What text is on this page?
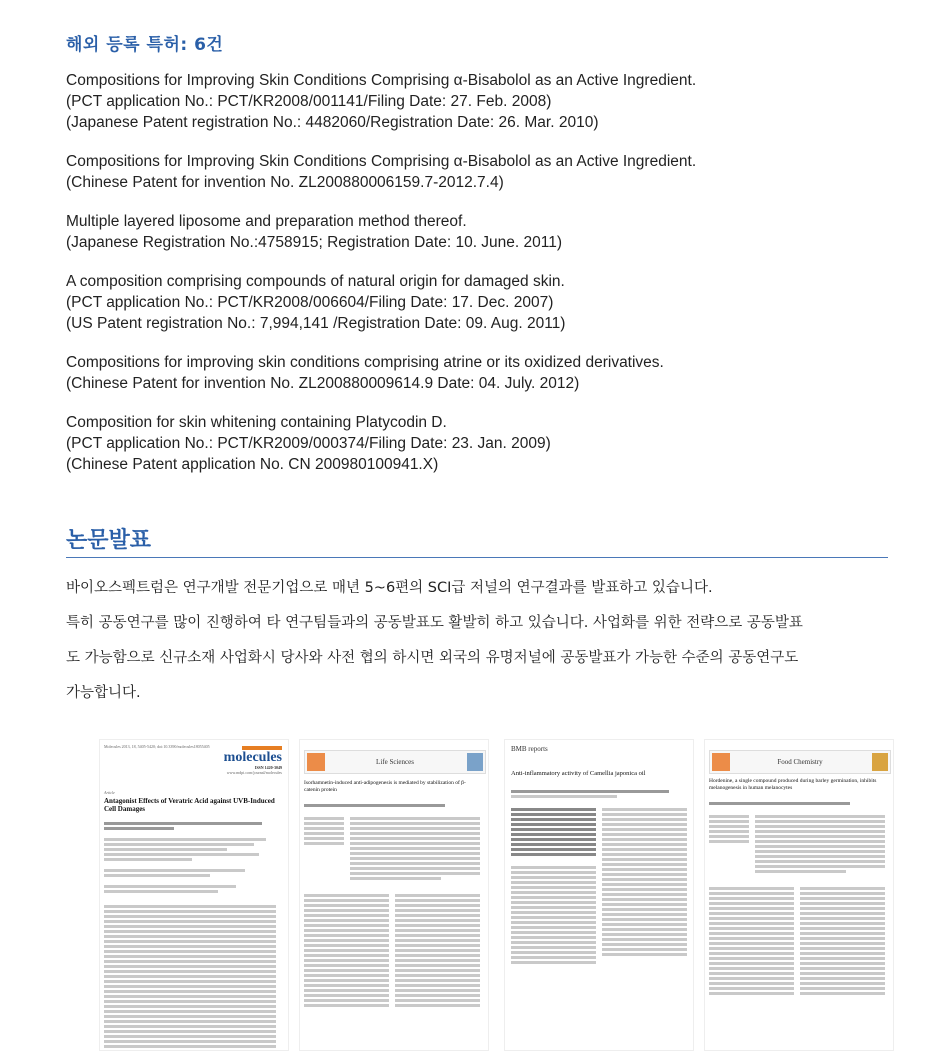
해외 등록 특허: 6건
Compositions for Improving Skin Conditions Comprising α-Bisabolol as an Active Ingredient.
(PCT application No.: PCT/KR2008/001141/Filing Date: 27. Feb. 2008)
(Japanese Patent registration No.: 4482060/Registration Date: 26. Mar. 2010)
Compositions for Improving Skin Conditions Comprising α-Bisabolol as an Active Ingredient.
(Chinese Patent for invention No. ZL200880006159.7-2012.7.4)
Multiple layered liposome and preparation method thereof.
(Japanese Registration No.:4758915; Registration Date: 10. June. 2011)
A composition comprising compounds of natural origin for damaged skin.
(PCT application No.: PCT/KR2008/006604/Filing Date: 17. Dec. 2007)
(US Patent registration No.: 7,994,141 /Registration Date: 09. Aug. 2011)
Compositions for improving skin conditions comprising atrine or its oxidized derivatives.
(Chinese Patent for invention No. ZL200880009614.9 Date: 04. July. 2012)
Composition for skin whitening containing Platycodin D.
(PCT application No.: PCT/KR2009/000374/Filing Date: 23. Jan. 2009)
(Chinese Patent application No. CN 200980100941.X)
논문발표

바이오스펙트럼은 연구개발 전문기업으로 매년 5~6편의 SCI급 저널의 연구결과를 발표하고 있습니다.

특히 공동연구를 많이 진행하여 타 연구팀들과의 공동발표도 활발히 하고 있습니다. 사업화를 위한 전략으로 공동발표

도 가능함으로 신규소재 사업화시 당사와 사전 협의 하시면 외국의 유명저널에 공동발표가 가능한 수준의 공동연구도

가능합니다.

Molecules 2013, 18, 5405-5420; doi:10.3390/molecules18055405
molecules
ISSN 1420-3049
www.mdpi.com/journal/molecules
Article
Antagonist Effects of Veratric Acid against UVB-Induced Cell Damages
Life Sciences
Isorhamnetin-induced anti-adipogenesis is mediated by stabilization of β-catenin protein
BMB reports
Anti-inflammatory activity of Camellia japonica oil
Food Chemistry
Hordenine, a single compound produced during barley germination, inhibits melanogenesis in human melanocytes
